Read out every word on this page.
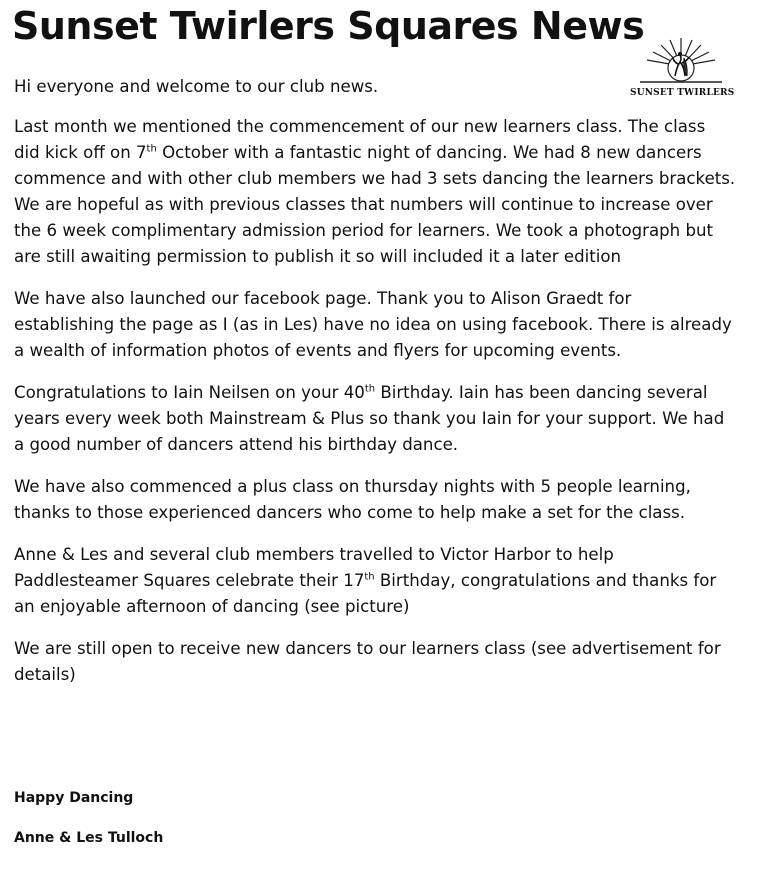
Sunset Twirlers Squares News
SUNSET TWIRLERS

Hi everyone and welcome to our club news.

Last month we mentioned the commencement of our new learners class. The class did kick off on 7th October with a fantastic night of dancing. We had 8 new dancers commence and with other club members we had 3 sets dancing the learners brackets. We are hopeful as with previous classes that numbers will continue to increase over the 6 week complimentary admission period for learners. We took a photograph but are still awaiting permission to publish it so will included it a later edition

We have also launched our facebook page. Thank you to Alison Graedt for establishing the page as I (as in Les) have no idea on using facebook. There is already a wealth of information photos of events and flyers for upcoming events.

Congratulations to Iain Neilsen on your 40th Birthday. Iain has been dancing several years every week both Mainstream & Plus so thank you Iain for your support. We had a good number of dancers attend his birthday dance.

We have also commenced a plus class on thursday nights with 5 people learning, thanks to those experienced dancers who come to help make a set for the class.

Anne & Les and several club members travelled to Victor Harbor to help Paddlesteamer Squares celebrate their 17th Birthday, congratulations and thanks for an enjoyable afternoon of dancing (see picture)

We are still open to receive new dancers to our learners class (see advertisement for details)

Happy Dancing

Anne & Les Tulloch
